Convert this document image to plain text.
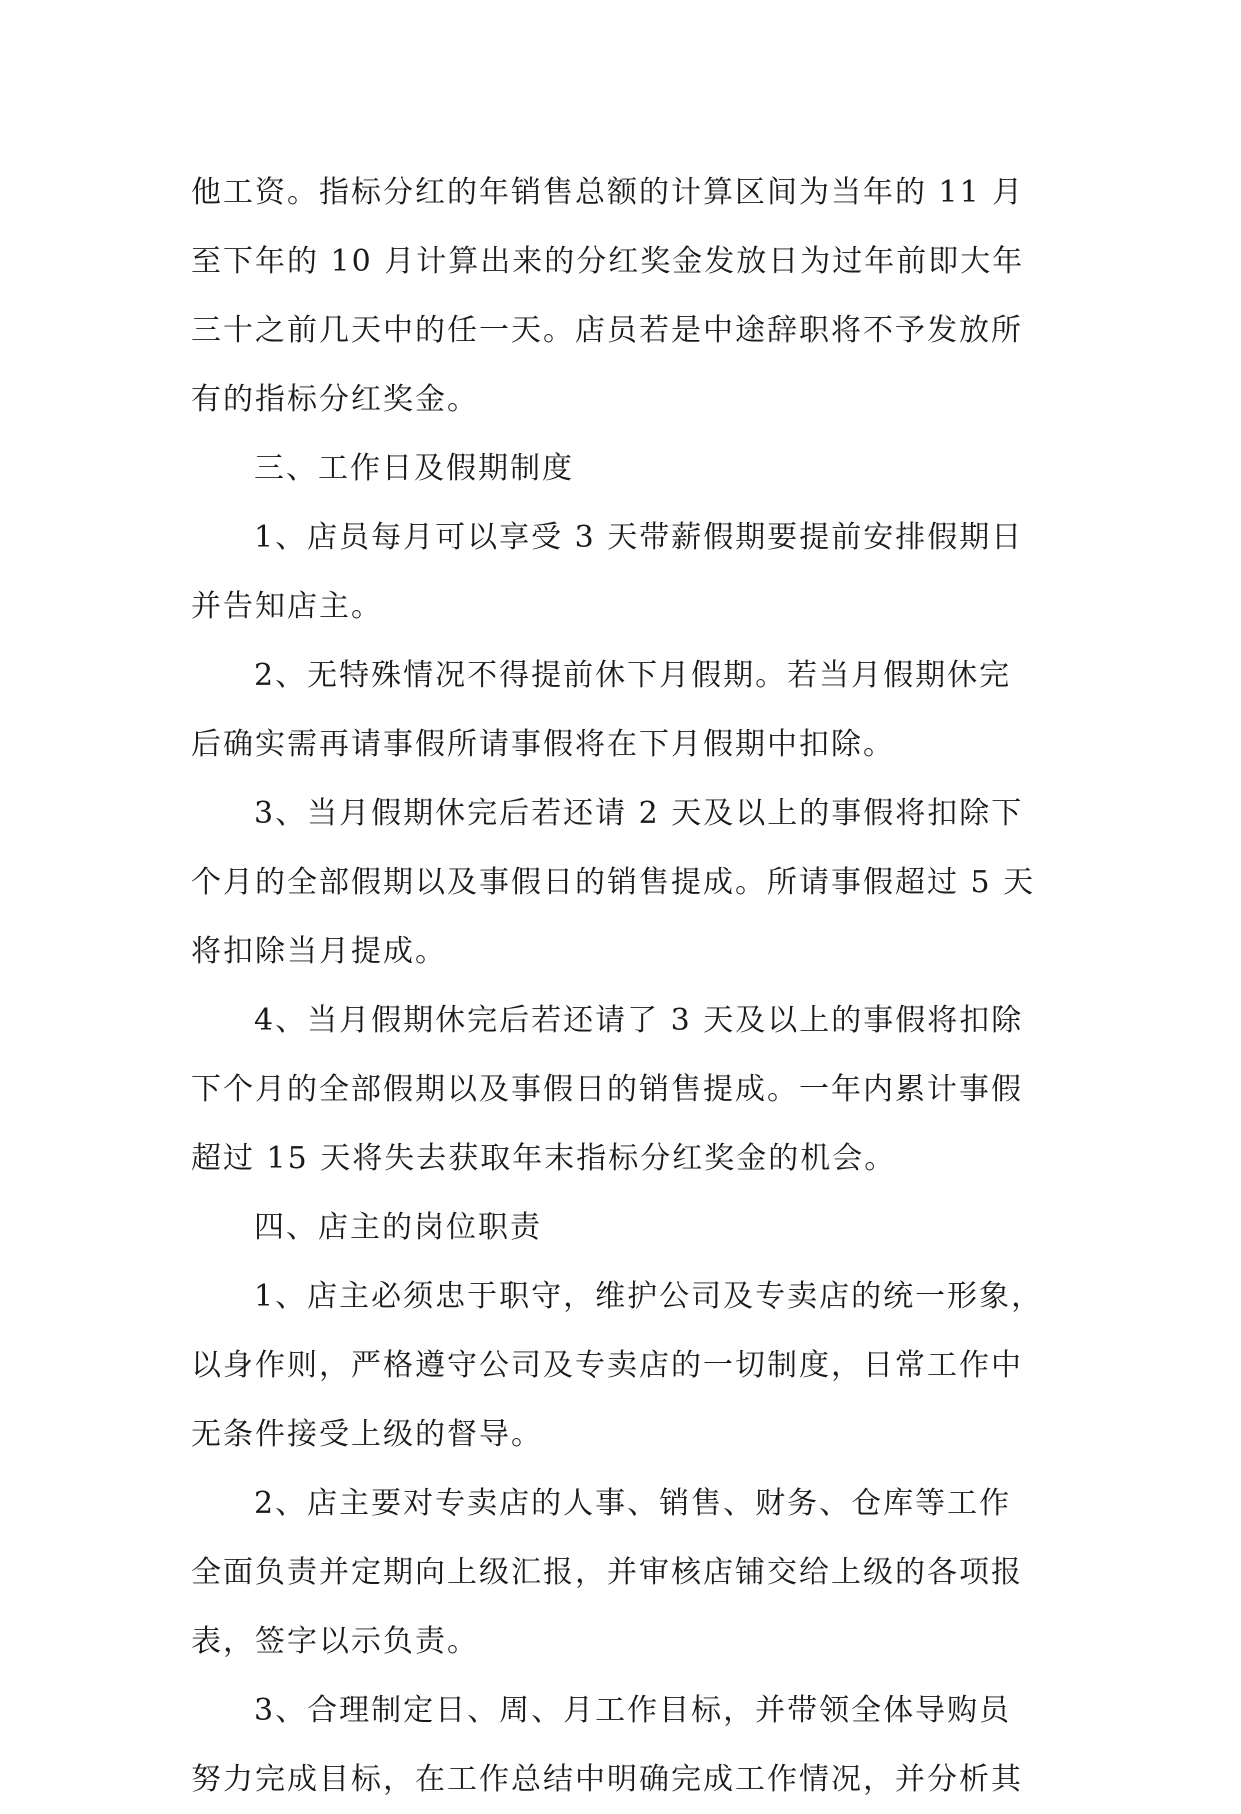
他工资。指标分红的年销售总额的计算区间为当年的 11 月
至下年的 10 月计算出来的分红奖金发放日为过年前即大年
三十之前几天中的任一天。店员若是中途辞职将不予发放所
有的指标分红奖金。
三、工作日及假期制度
1、店员每月可以享受 3 天带薪假期要提前安排假期日
并告知店主。
2、无特殊情况不得提前休下月假期。若当月假期休完
后确实需再请事假所请事假将在下月假期中扣除。
3、当月假期休完后若还请 2 天及以上的事假将扣除下
个月的全部假期以及事假日的销售提成。所请事假超过 5 天
将扣除当月提成。
4、当月假期休完后若还请了 3 天及以上的事假将扣除
下个月的全部假期以及事假日的销售提成。一年内累计事假
超过 15 天将失去获取年末指标分红奖金的机会。
四、店主的岗位职责
1、店主必须忠于职守，维护公司及专卖店的统一形象，
以身作则，严格遵守公司及专卖店的一切制度，日常工作中
无条件接受上级的督导。
2、店主要对专卖店的人事、销售、财务、仓库等工作
全面负责并定期向上级汇报，并审核店铺交给上级的各项报
表，签字以示负责。
3、合理制定日、周、月工作目标，并带领全体导购员
努力完成目标，在工作总结中明确完成工作情况，并分析其
